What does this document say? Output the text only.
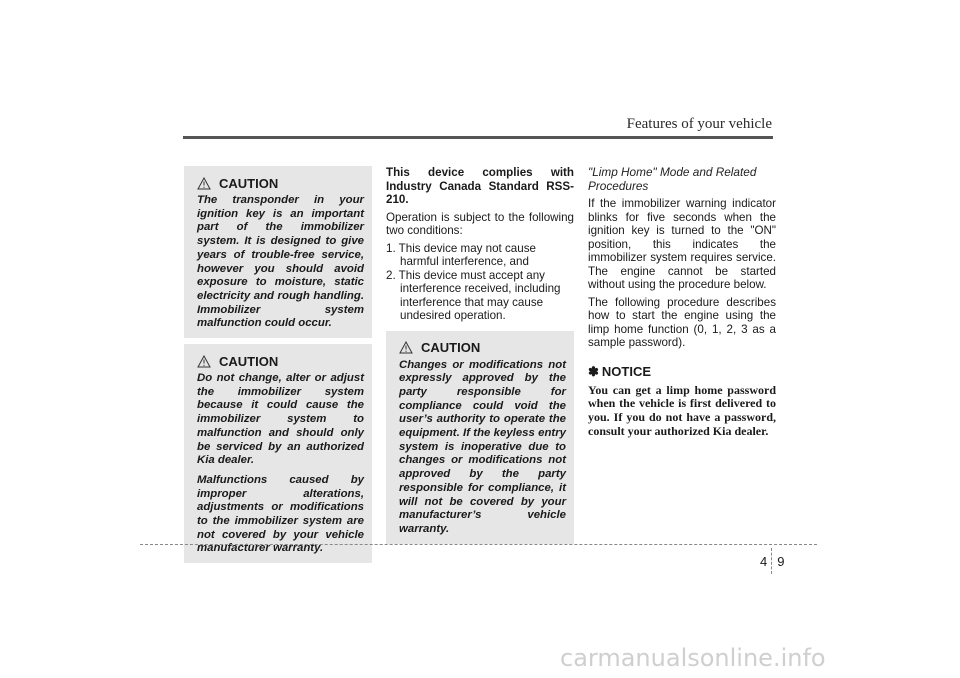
Features of your vehicle
CAUTION

The transponder in your ignition key is an important part of the immobilizer system. It is designed to give years of trouble-free service, however you should avoid exposure to moisture, static electricity and rough handling. Immobilizer system malfunction could occur.

CAUTION

Do not change, alter or adjust the immobilizer system because it could cause the immobilizer system to malfunction and should only be serviced by an authorized Kia dealer.

Malfunctions caused by improper alterations, adjustments or modifications to the immobilizer system are not covered by your vehicle manufacturer warranty.

This device complies with Industry Canada Standard RSS-210.

Operation is subject to the following two conditions:

1. This device may not cause harmful interference, and
2. This device must accept any interference received, including interference that may cause undesired operation.
CAUTION

Changes or modifications not expressly approved by the party responsible for compliance could void the user’s authority to operate the equipment. If the keyless entry system is inoperative due to changes or modifications not approved by the party responsible for compliance, it will not be covered by your manufacturer’s vehicle warranty.

"Limp Home" Mode and Related Procedures

If the immobilizer warning indicator blinks for five seconds when the ignition key is turned to the "ON" position, this indicates the immobilizer system requires service. The engine cannot be started without using the procedure below.

The following procedure describes how to start the engine using the limp home function (0, 1, 2, 3 as a sample password).

✽ NOTICE
You can get a limp home password when the vehicle is first delivered to you. If you do not have a password, consult your authorized Kia dealer.
4 9
carmanualsonline.info
